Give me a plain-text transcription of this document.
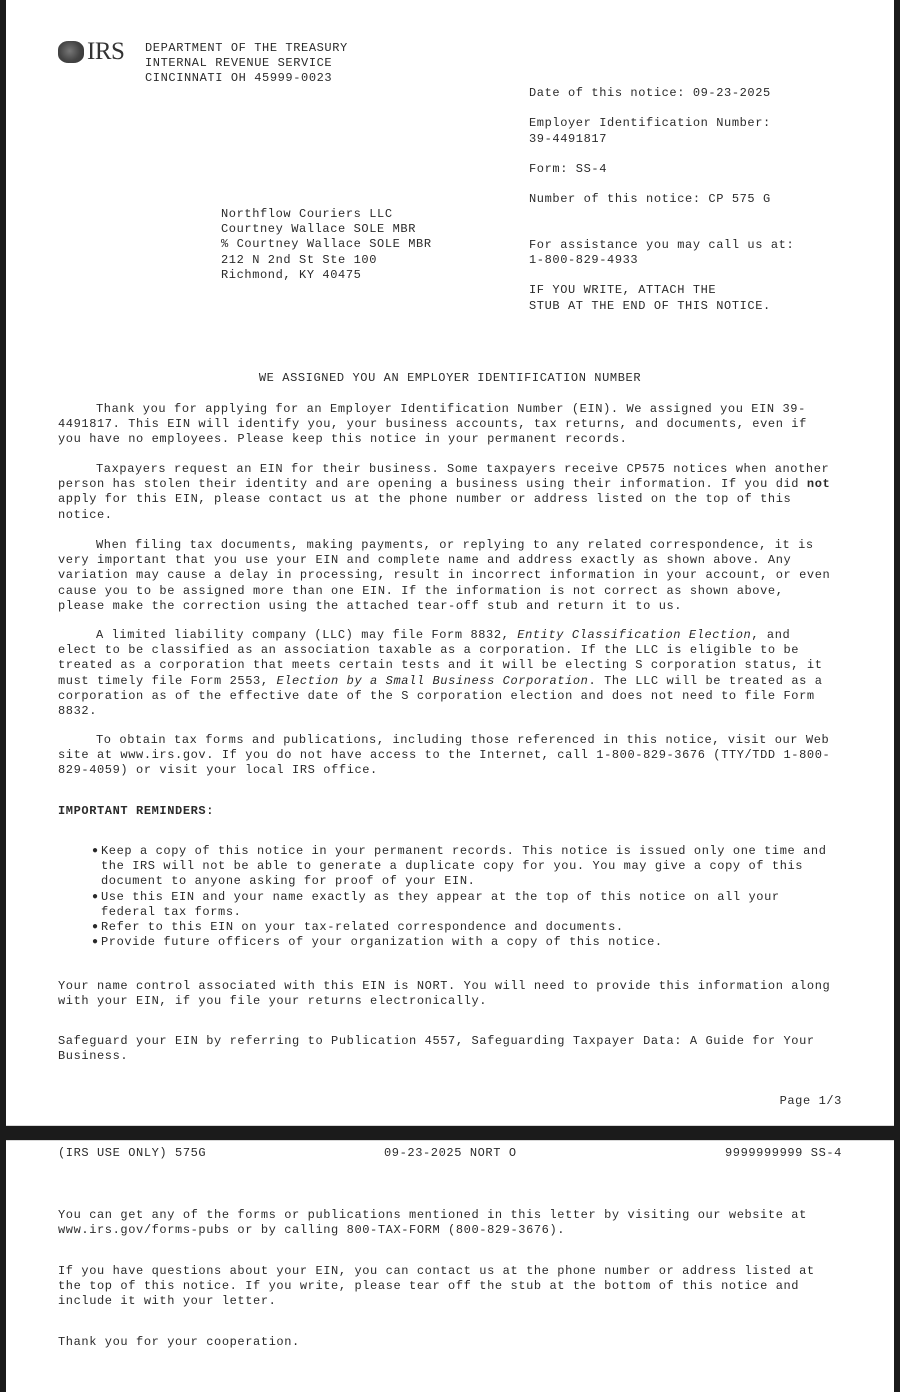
IRS DEPARTMENT OF THE TREASURY
INTERNAL REVENUE SERVICE
CINCINNATI OH 45999-0023
Date of this notice: 09-23-2025
Employer Identification Number:
39-4491817
Form: SS-4
Number of this notice: CP 575 G
For assistance you may call us at:
1-800-829-4933
IF YOU WRITE, ATTACH THE
STUB AT THE END OF THIS NOTICE.
Northflow Couriers LLC
Courtney Wallace SOLE MBR
% Courtney Wallace SOLE MBR
212 N 2nd St Ste 100
Richmond, KY 40475
WE ASSIGNED YOU AN EMPLOYER IDENTIFICATION NUMBER
Thank you for applying for an Employer Identification Number (EIN). We assigned you EIN 39-
4491817. This EIN will identify you, your business accounts, tax returns, and documents, even if
you have no employees. Please keep this notice in your permanent records.
Taxpayers request an EIN for their business. Some taxpayers receive CP575 notices when another
person has stolen their identity and are opening a business using their information. If you did not
apply for this EIN, please contact us at the phone number or address listed on the top of this
notice.
When filing tax documents, making payments, or replying to any related correspondence, it is
very important that you use your EIN and complete name and address exactly as shown above. Any
variation may cause a delay in processing, result in incorrect information in your account, or even
cause you to be assigned more than one EIN. If the information is not correct as shown above,
please make the correction using the attached tear-off stub and return it to us.
A limited liability company (LLC) may file Form 8832, Entity Classification Election, and
elect to be classified as an association taxable as a corporation. If the LLC is eligible to be
treated as a corporation that meets certain tests and it will be electing S corporation status, it
must timely file Form 2553, Election by a Small Business Corporation. The LLC will be treated as a
corporation as of the effective date of the S corporation election and does not need to file Form
8832.
To obtain tax forms and publications, including those referenced in this notice, visit our Web
site at www.irs.gov. If you do not have access to the Internet, call 1-800-829-3676 (TTY/TDD 1-800-
829-4059) or visit your local IRS office.
IMPORTANT REMINDERS:
● Keep a copy of this notice in your permanent records. This notice is issued only one time and
the IRS will not be able to generate a duplicate copy for you. You may give a copy of this
document to anyone asking for proof of your EIN.
● Use this EIN and your name exactly as they appear at the top of this notice on all your
federal tax forms.
● Refer to this EIN on your tax-related correspondence and documents.
● Provide future officers of your organization with a copy of this notice.
Your name control associated with this EIN is NORT. You will need to provide this information along
with your EIN, if you file your returns electronically.
Safeguard your EIN by referring to Publication 4557, Safeguarding Taxpayer Data: A Guide for Your
Business.
Page 1/3
(IRS USE ONLY) 575G	09-23-2025 NORT O	9999999999 SS-4
You can get any of the forms or publications mentioned in this letter by visiting our website at
www.irs.gov/forms-pubs or by calling 800-TAX-FORM (800-829-3676).
If you have questions about your EIN, you can contact us at the phone number or address listed at
the top of this notice. If you write, please tear off the stub at the bottom of this notice and
include it with your letter.
Thank you for your cooperation.
